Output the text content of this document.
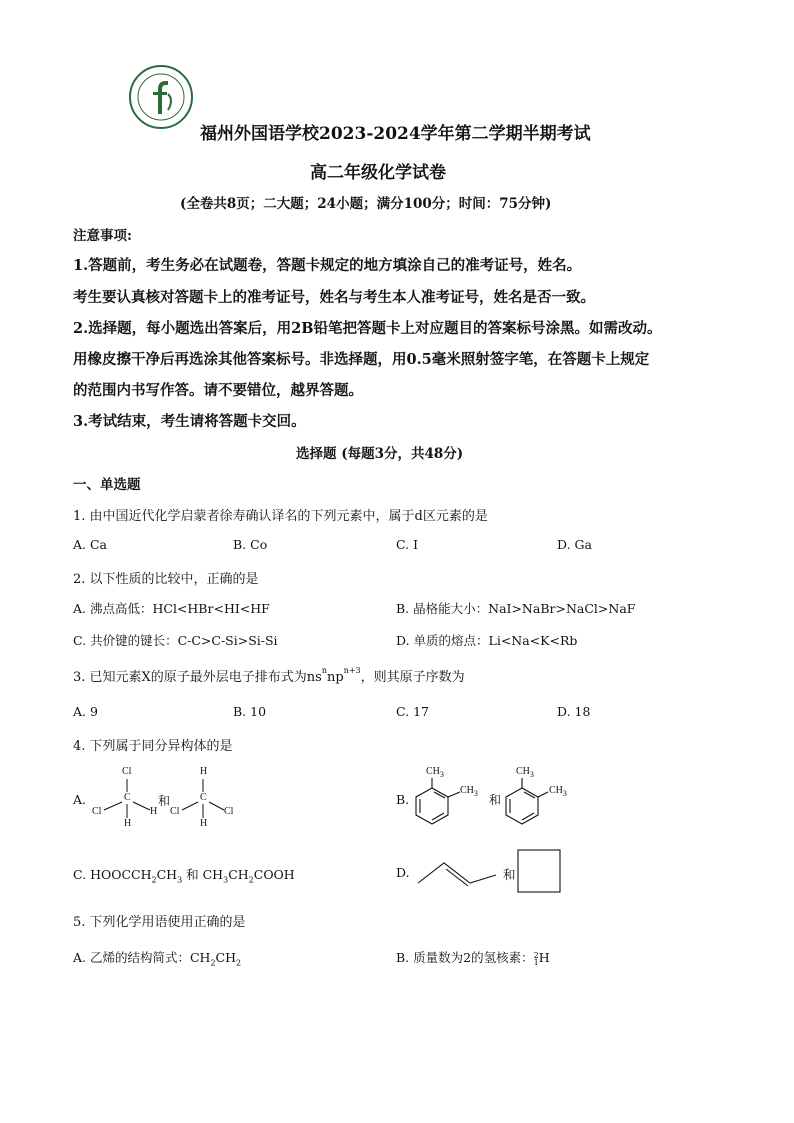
福州外国语学校2023-2024学年第二学期半期考试
高二年级化学试卷
(全卷共8页；二大题；24小题；满分100分；时间：75分钟)
注意事项:
1.答题前，考生务必在试题卷，答题卡规定的地方填涂自己的准考证号，姓名。
考生要认真核对答题卡上的准考证号，姓名与考生本人准考证号，姓名是否一致。
2.选择题，每小题选出答案后，用2B铅笔把答题卡上对应题目的答案标号涂黑。如需改动。
用橡皮擦干净后再选涂其他答案标号。非选择题，用0.5毫米照射签字笔，在答题卡上规定
的范围内书写作答。请不要错位，越界答题。
3.考试结束，考生请将答题卡交回。
选择题 (每题3分，共48分)
一、单选题
1. 由中国近代化学启蒙者徐寿确认译名的下列元素中，属于d区元素的是
A. Ca	B. Co	C. I	D. Ga
2. 以下性质的比较中，正确的是
A. 沸点高低：HCl<HBr<HI<HF	B. 晶格能大小：NaI>NaBr>NaCl>NaF
C. 共价键的键长：C-C>C-Si>Si-Si	D. 单质的熔点：Li<Na<K<Rb
3. 已知元素X的原子最外层电子排布式为$ns^nnp^{n+3}$，则其原子序数为
A. 9	B. 10	C. 17	D. 18
4. 下列属于同分异构体的是
A.
Cl
C
H
Cl	H
和
H
C
H
Cl	Cl
B.
$CH_3$
$CH_3$ 和
$CH_3$
$CH_3$
C. $HOOCCH_2CH_3$ 和 $CH_3CH_2COOH$	D.	和
5. 下列化学用语使用正确的是
A. 乙烯的结构简式：$CH_2CH_2$	B. 质量数为2的氢核素：2
1H
